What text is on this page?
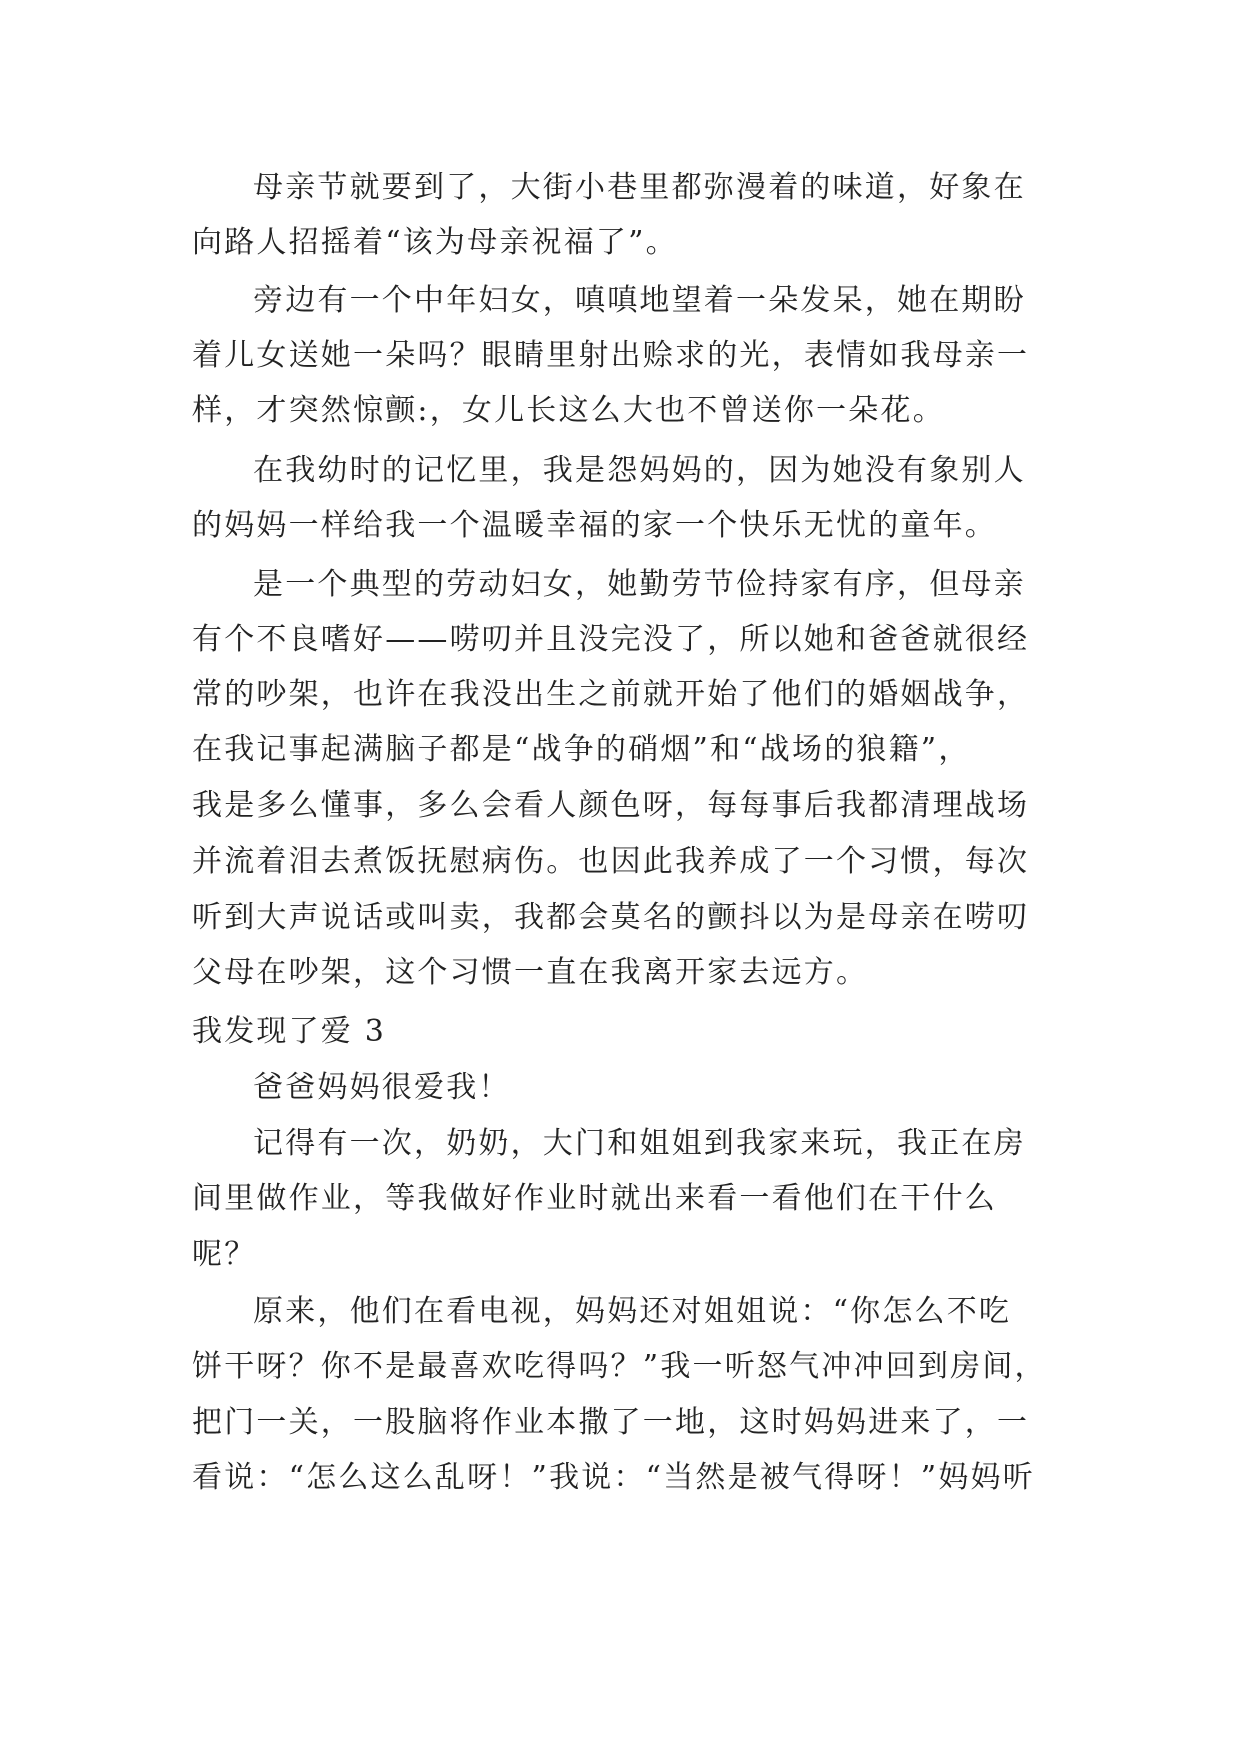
母亲节就要到了，大街小巷里都弥漫着的味道，好象在
向路人招摇着“该为母亲祝福了”。
旁边有一个中年妇女，嗔嗔地望着一朵发呆，她在期盼
着儿女送她一朵吗？眼睛里射出赊求的光，表情如我母亲一
样，才突然惊颤:，女儿长这么大也不曾送你一朵花。
在我幼时的记忆里，我是怨妈妈的，因为她没有象别人
的妈妈一样给我一个温暖幸福的家一个快乐无忧的童年。
是一个典型的劳动妇女，她勤劳节俭持家有序，但母亲
有个不良嗜好——唠叨并且没完没了，所以她和爸爸就很经
常的吵架，也许在我没出生之前就开始了他们的婚姻战争，
在我记事起满脑子都是“战争的硝烟”和“战场的狼籍”，
我是多么懂事，多么会看人颜色呀，每每事后我都清理战场
并流着泪去煮饭抚慰病伤。也因此我养成了一个习惯，每次
听到大声说话或叫卖，我都会莫名的颤抖以为是母亲在唠叨
父母在吵架，这个习惯一直在我离开家去远方。
我发现了爱 3
爸爸妈妈很爱我！
记得有一次，奶奶，大门和姐姐到我家来玩，我正在房
间里做作业，等我做好作业时就出来看一看他们在干什么
呢？
原来，他们在看电视，妈妈还对姐姐说：“你怎么不吃
饼干呀？你不是最喜欢吃得吗？”我一听怒气冲冲回到房间，
把门一关，一股脑将作业本撒了一地，这时妈妈进来了，一
看说：“怎么这么乱呀！”我说：“当然是被气得呀！”妈妈听
